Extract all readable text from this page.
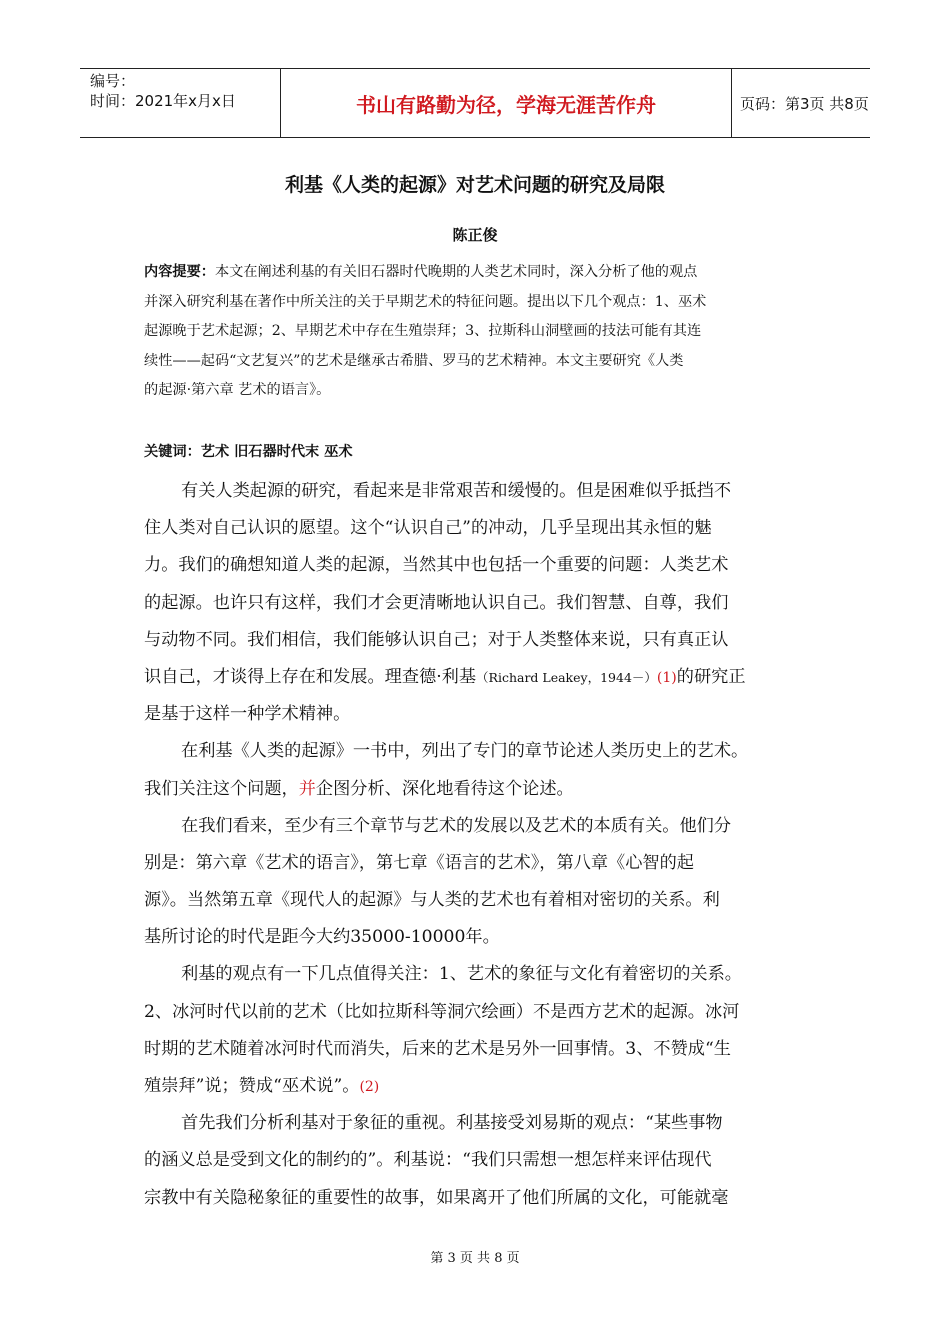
编号：
时间：2021年x月x日	书山有路勤为径，学海无涯苦作舟	页码：第3页 共8页
利基《人类的起源》对艺术问题的研究及局限
陈正俊
内容提要：本文在阐述利基的有关旧石器时代晚期的人类艺术同时，深入分析了他的观点
并深入研究利基在著作中所关注的关于早期艺术的特征问题。提出以下几个观点：1、巫术
起源晚于艺术起源；2、早期艺术中存在生殖崇拜；3、拉斯科山洞壁画的技法可能有其连
续性——起码“文艺复兴”的艺术是继承古希腊、罗马的艺术精神。本文主要研究《人类
的起源·第六章 艺术的语言》。
关键词：艺术 旧石器时代末 巫术
有关人类起源的研究，看起来是非常艰苦和缓慢的。但是困难似乎抵挡不
住人类对自己认识的愿望。这个“认识自己”的冲动，几乎呈现出其永恒的魅
力。我们的确想知道人类的起源，当然其中也包括一个重要的问题：人类艺术
的起源。也许只有这样，我们才会更清晰地认识自己。我们智慧、自尊，我们
与动物不同。我们相信，我们能够认识自己；对于人类整体来说，只有真正认
识自己，才谈得上存在和发展。理查德·利基（Richard Leakey，1944－）(1)的研究正
是基于这样一种学术精神。
在利基《人类的起源》一书中，列出了专门的章节论述人类历史上的艺术。
我们关注这个问题，并企图分析、深化地看待这个论述。
在我们看来，至少有三个章节与艺术的发展以及艺术的本质有关。他们分
别是：第六章《艺术的语言》，第七章《语言的艺术》，第八章《心智的起
源》。当然第五章《现代人的起源》与人类的艺术也有着相对密切的关系。利
基所讨论的时代是距今大约35000-10000年。
利基的观点有一下几点值得关注：1、艺术的象征与文化有着密切的关系。
2、冰河时代以前的艺术（比如拉斯科等洞穴绘画）不是西方艺术的起源。冰河
时期的艺术随着冰河时代而消失，后来的艺术是另外一回事情。3、不赞成“生
殖崇拜”说；赞成“巫术说”。(2)
首先我们分析利基对于象征的重视。利基接受刘易斯的观点：“某些事物
的涵义总是受到文化的制约的”。利基说：“我们只需想一想怎样来评估现代
宗教中有关隐秘象征的重要性的故事，如果离开了他们所属的文化，可能就毫
第 3 页 共 8 页
